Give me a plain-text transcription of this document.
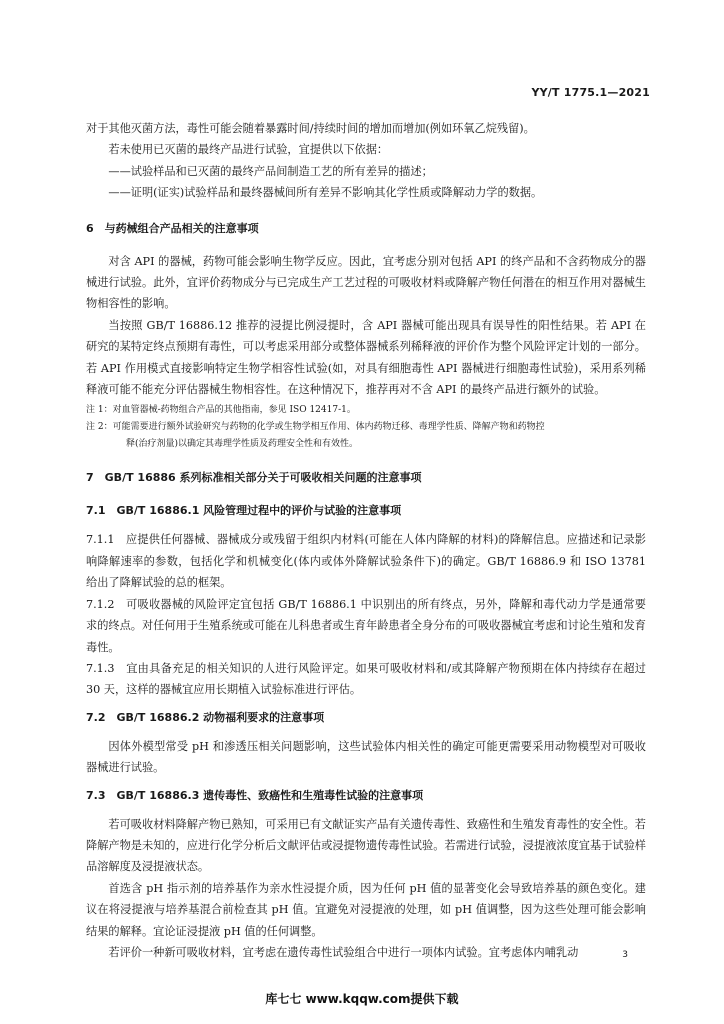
YY/T 1775.1—2021

对于其他灭菌方法，毒性可能会随着暴露时间/持续时间的增加而增加(例如环氧乙烷残留)。

若未使用已灭菌的最终产品进行试验，宜提供以下依据：

——试验样品和已灭菌的最终产品间制造工艺的所有差异的描述；

——证明(证实)试验样品和最终器械间所有差异不影响其化学性质或降解动力学的数据。

6　与药械组合产品相关的注意事项

对含 API 的器械，药物可能会影响生物学反应。因此，宜考虑分别对包括 API 的终产品和不含药物成分的器械进行试验。此外，宜评价药物成分与已完成生产工艺过程的可吸收材料或降解产物任何潜在的相互作用对器械生物相容性的影响。

当按照 GB/T 16886.12 推荐的浸提比例浸提时，含 API 器械可能出现具有误导性的阳性结果。若 API 在研究的某特定终点预期有毒性，可以考虑采用部分或整体器械系列稀释液的评价作为整个风险评定计划的一部分。若 API 作用模式直接影响特定生物学相容性试验(如，对具有细胞毒性 API 器械进行细胞毒性试验)，采用系列稀释液可能不能充分评估器械生物相容性。在这种情况下，推荐再对不含 API 的最终产品进行额外的试验。

注 1：对血管器械-药物组合产品的其他指南，参见 ISO 12417-1。

注 2：可能需要进行额外试验研究与药物的化学或生物学相互作用、体内药物迁移、毒理学性质、降解产物和药物控

释(治疗剂量)以确定其毒理学性质及药理安全性和有效性。

7　GB/T 16886 系列标准相关部分关于可吸收相关问题的注意事项
7.1　GB/T 16886.1 风险管理过程中的评价与试验的注意事项

7.1.1　应提供任何器械、器械成分或残留于组织内材料(可能在人体内降解的材料)的降解信息。应描述和记录影响降解速率的参数，包括化学和机械变化(体内或体外降解试验条件下)的确定。GB/T 16886.9 和 ISO 13781 给出了降解试验的总的框架。

7.1.2　可吸收器械的风险评定宜包括 GB/T 16886.1 中识别出的所有终点，另外，降解和毒代动力学是通常要求的终点。对任何用于生殖系统或可能在儿科患者或生育年龄患者全身分布的可吸收器械宜考虑和讨论生殖和发育毒性。

7.1.3　宜由具备充足的相关知识的人进行风险评定。如果可吸收材料和/或其降解产物预期在体内持续存在超过 30 天，这样的器械宜应用长期植入试验标准进行评估。

7.2　GB/T 16886.2 动物福利要求的注意事项

因体外模型常受 pH 和渗透压相关问题影响，这些试验体内相关性的确定可能更需要采用动物模型对可吸收器械进行试验。

7.3　GB/T 16886.3 遗传毒性、致癌性和生殖毒性试验的注意事项

若可吸收材料降解产物已熟知，可采用已有文献证实产品有关遗传毒性、致癌性和生殖发育毒性的安全性。若降解产物是未知的，应进行化学分析后文献评估或浸提物遗传毒性试验。若需进行试验，浸提液浓度宜基于试验样品溶解度及浸提液状态。

首选含 pH 指示剂的培养基作为亲水性浸提介质，因为任何 pH 值的显著变化会导致培养基的颜色变化。建议在将浸提液与培养基混合前检查其 pH 值。宜避免对浸提液的处理，如 pH 值调整，因为这些处理可能会影响结果的解释。宜论证浸提液 pH 值的任何调整。

若评价一种新可吸收材料，宜考虑在遗传毒性试验组合中进行一项体内试验。宜考虑体内哺乳动	3
库七七 www.kqqw.com提供下载
